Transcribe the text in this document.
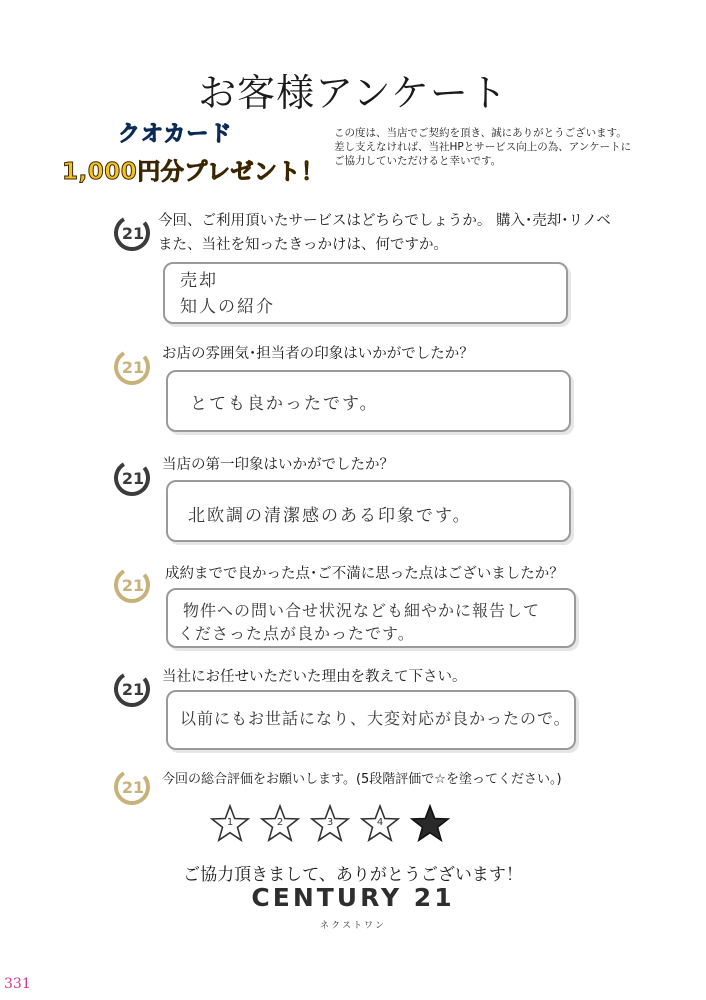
お客様アンケート
クオカード
1,000円分プレゼント！
この度は、当店でご契約を頂き、誠にありがとうございます。
差し支えなければ、当社HPとサービス向上の為、アンケートに
ご協力していただけると幸いです。
21
今回、ご利用頂いたサービスはどちらでしょうか。 購入･売却･リノベ
また、当社を知ったきっかけは、何ですか。
売却
知人の紹介
21
お店の雰囲気･担当者の印象はいかがでしたか？
とても良かったです。
21
当店の第一印象はいかがでしたか？
北欧調の清潔感のある印象です。
21
成約までで良かった点･ご不満に思った点はございましたか？
物件への問い合せ状況なども細やかに報告して
くださった点が良かったです。
21
当社にお任せいただいた理由を教えて下さい。
以前にもお世話になり、大変対応が良かったので。
21 今回の総合評価をお願いします。(5段階評価で☆を塗ってください。)
1	2	3	4
ご協力頂きまして、ありがとうございます！
CENTURY 21
ネクストワン
331
